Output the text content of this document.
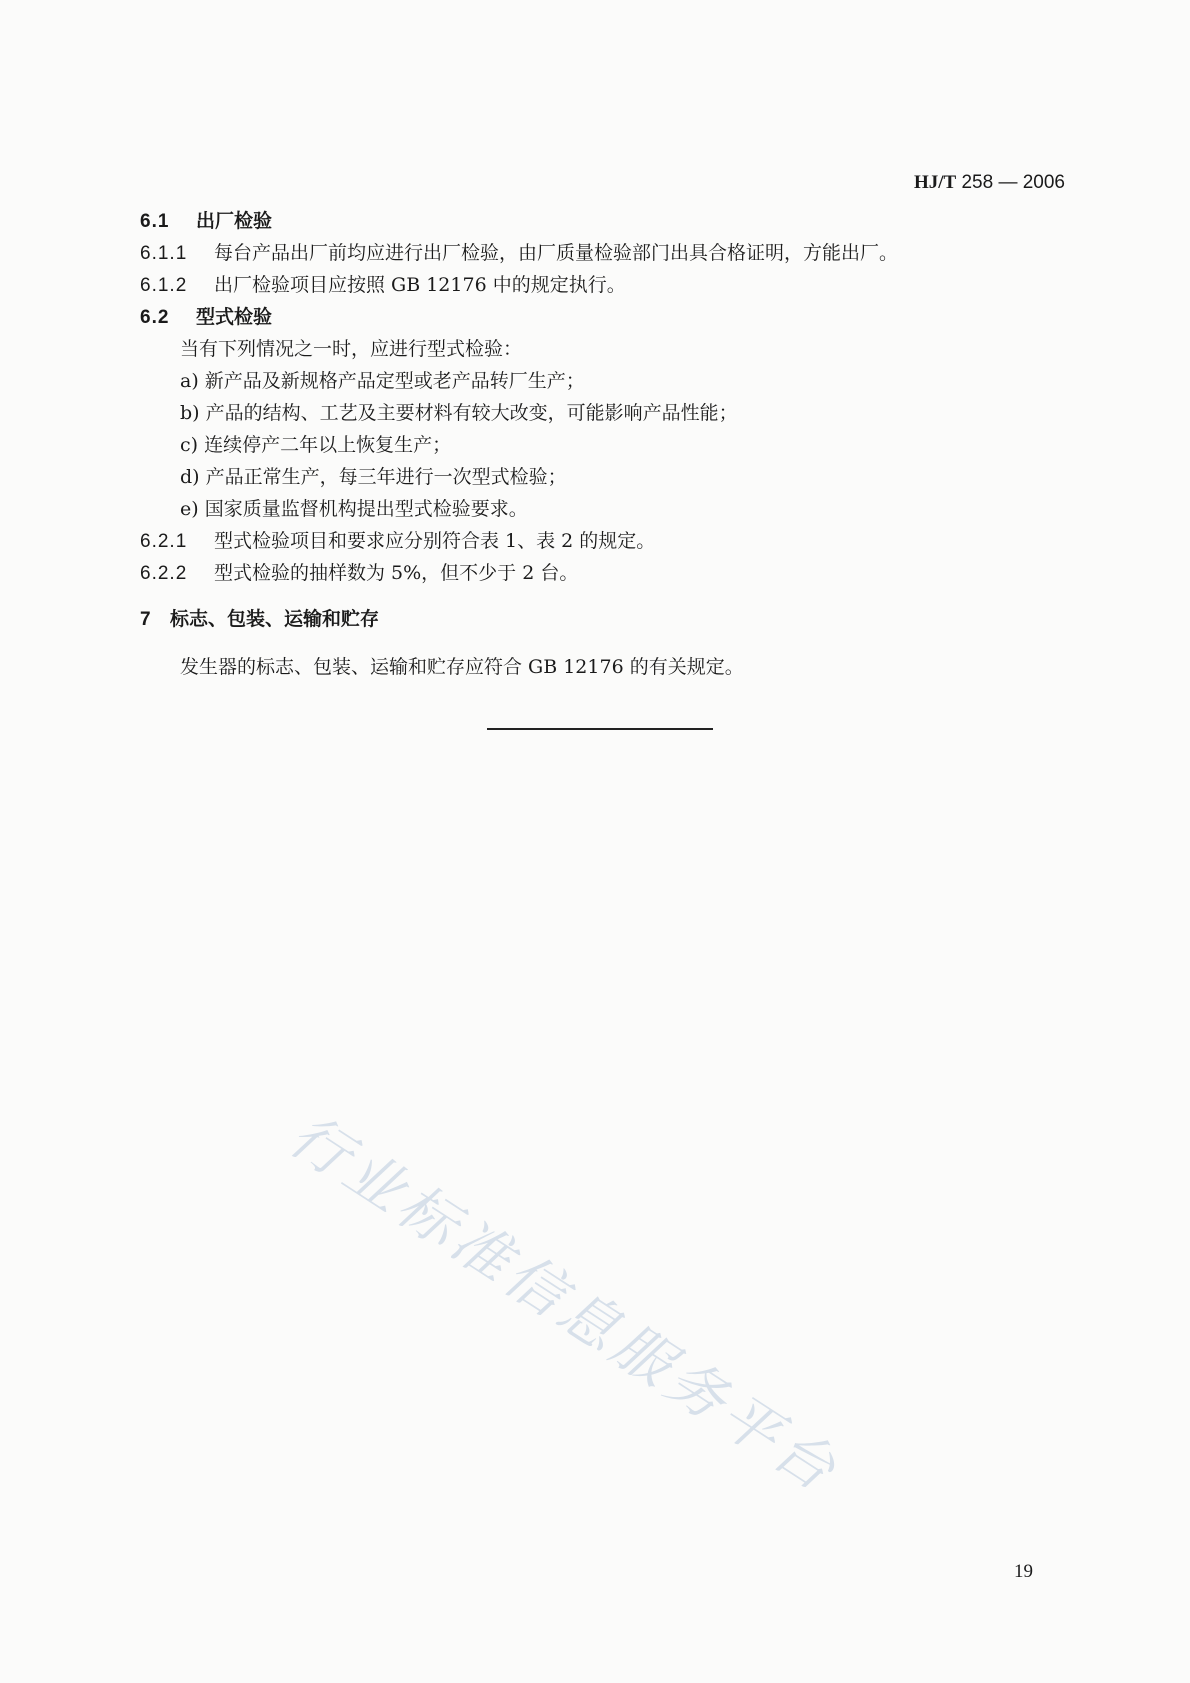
HJ/T 258 — 2006
6.1 出厂检验
6.1.1 每台产品出厂前均应进行出厂检验，由厂质量检验部门出具合格证明，方能出厂。
6.1.2 出厂检验项目应按照 GB 12176 中的规定执行。
6.2 型式检验
当有下列情况之一时，应进行型式检验：
a) 新产品及新规格产品定型或老产品转厂生产；
b) 产品的结构、工艺及主要材料有较大改变，可能影响产品性能；
c) 连续停产二年以上恢复生产；
d) 产品正常生产，每三年进行一次型式检验；
e) 国家质量监督机构提出型式检验要求。
6.2.1 型式检验项目和要求应分别符合表 1、表 2 的规定。
6.2.2 型式检验的抽样数为 5%，但不少于 2 台。
7 标志、包装、运输和贮存
发生器的标志、包装、运输和贮存应符合 GB 12176 的有关规定。
行业标准信息服务平台
19
